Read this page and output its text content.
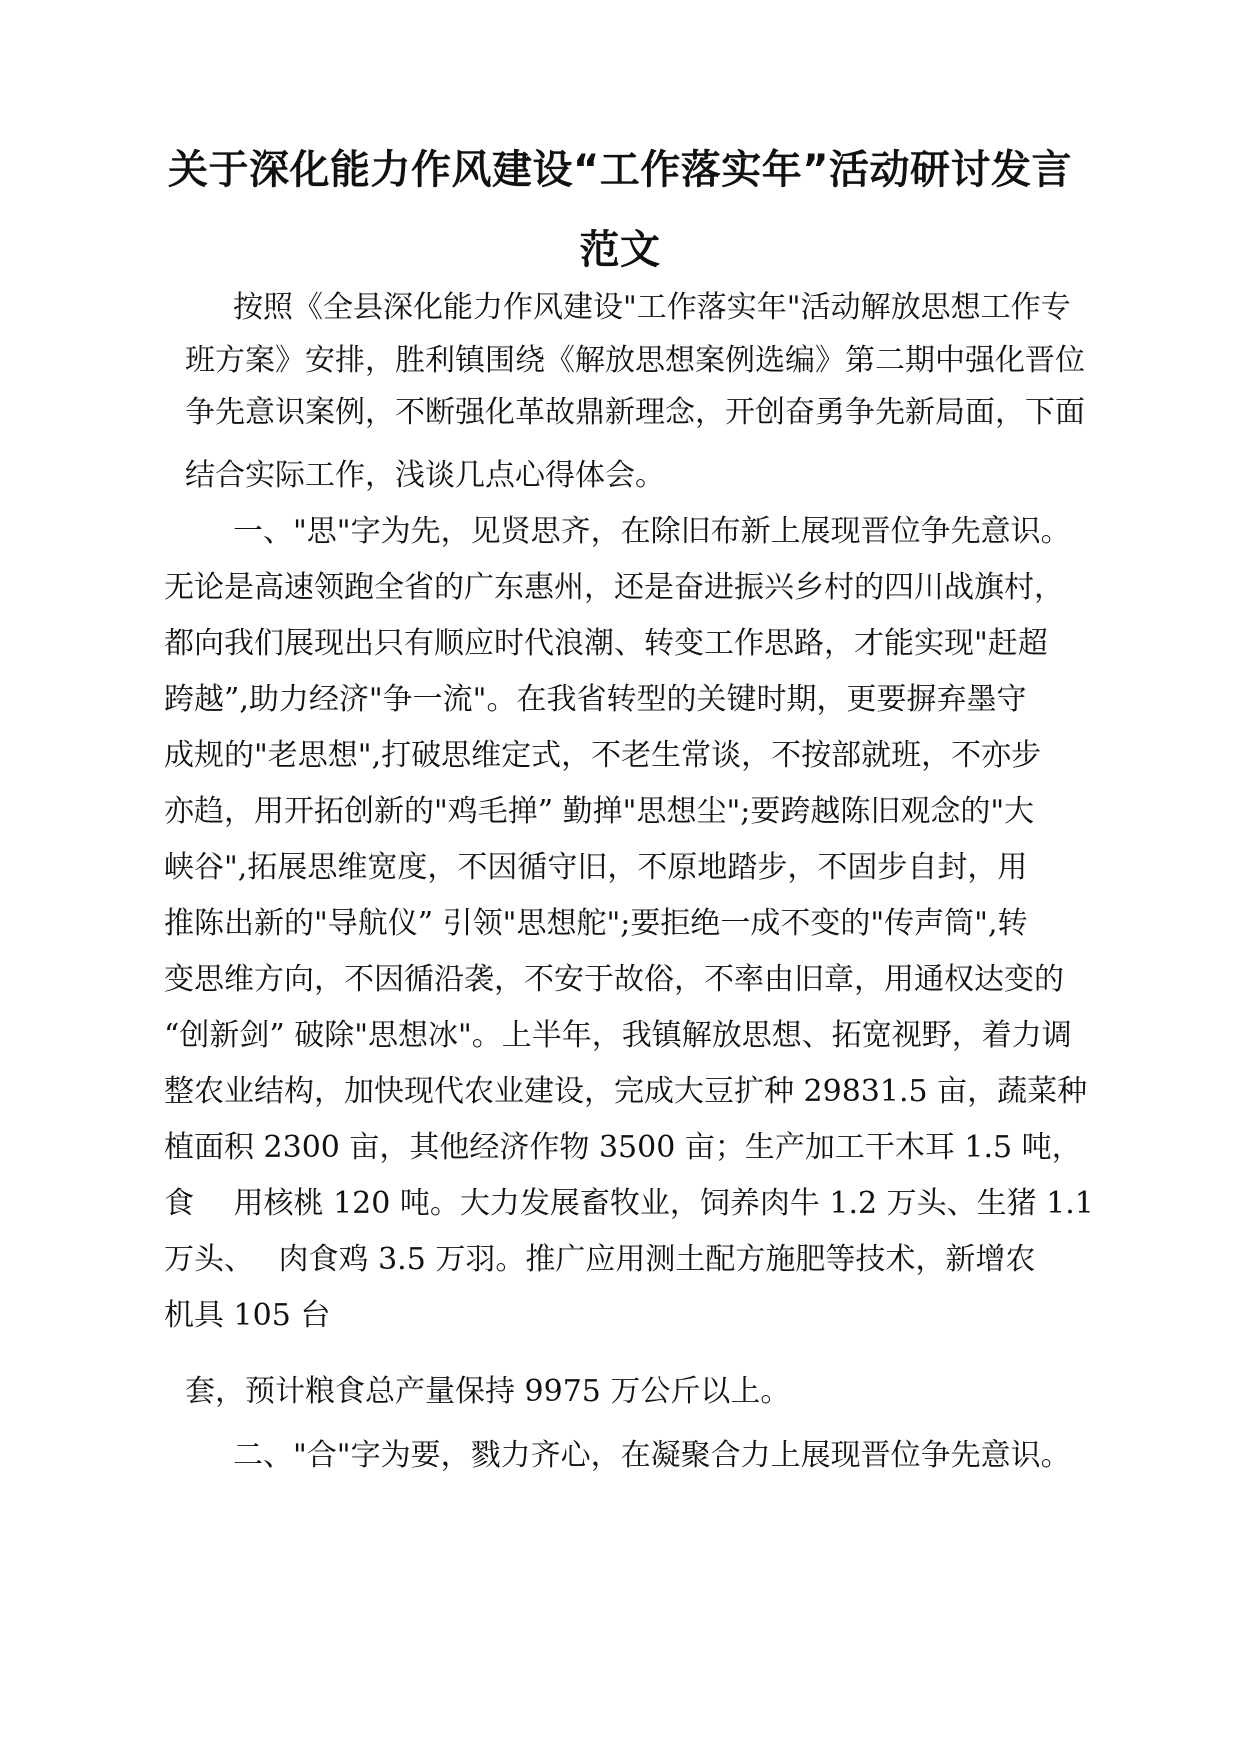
关于深化能力作风建设“工作落实年”活动研讨发言
范文
按照《全县深化能力作风建设"工作落实年"活动解放思想工作专
班方案》安排，胜利镇围绕《解放思想案例选编》第二期中强化晋位
争先意识案例，不断强化革故鼎新理念，开创奋勇争先新局面，下面
结合实际工作，浅谈几点心得体会。
一、"思"字为先，见贤思齐，在除旧布新上展现晋位争先意识。
无论是高速领跑全省的广东惠州，还是奋进振兴乡村的四川战旗村，
都向我们展现出只有顺应时代浪潮、转变工作思路，才能实现"赶超
跨越”,助力经济"争一流"。在我省转型的关键时期，更要摒弃墨守
成规的"老思想",打破思维定式，不老生常谈，不按部就班，不亦步
亦趋，用开拓创新的"鸡毛掸” 勤掸"思想尘";要跨越陈旧观念的"大
峡谷",拓展思维宽度，不因循守旧，不原地踏步，不固步自封，用
推陈出新的"导航仪” 引领"思想舵";要拒绝一成不变的"传声筒",转
变思维方向，不因循沿袭，不安于故俗，不率由旧章，用通权达变的
“创新剑” 破除"思想冰"。上半年，我镇解放思想、拓宽视野，着力调
整农业结构，加快现代农业建设，完成大豆扩种 29831.5 亩，蔬菜种
植面积 2300 亩，其他经济作物 3500 亩；生产加工干木耳 1.5 吨，
食　 用核桃 120 吨。大力发展畜牧业，饲养肉牛 1.2 万头、生猪 1.1
万头、　 肉食鸡 3.5 万羽。推广应用测土配方施肥等技术，新增农
机具 105 台
套，预计粮食总产量保持 9975 万公斤以上。
二、"合"字为要，戮力齐心，在凝聚合力上展现晋位争先意识。
